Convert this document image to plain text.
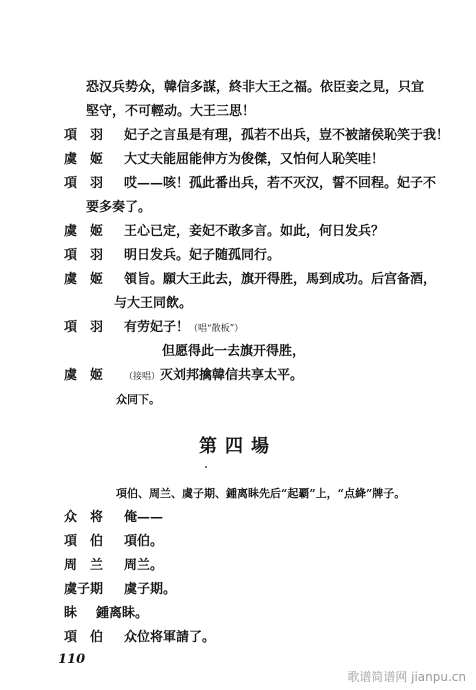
恐汉兵势众，韓信多謀，終非大王之福。依臣妾之見，只宜
堅守，不可輕动。大王三思！
項　羽 妃子之言虽是有理，孤若不出兵，豈不被諸侯恥笑于我！
虞　姬 大丈夫能屈能伸方为俊傑，又怕何人恥笑哇！
項　羽 哎——咳！孤此番出兵，若不灭汉，誓不回程。妃子不
要多奏了。
虞　姬 王心已定，妾妃不敢多言。如此，何日发兵？
項　羽 明日发兵。妃子随孤同行。
虞　姬 領旨。願大王此去，旗开得胜，馬到成功。后宫备酒，
与大王同飲。
項　羽 有劳妃子！（唱“散板”）
但愿得此一去旗开得胜，
虞　姬 （接唱）灭刘邦擒韓信共享太平。
众同下。
第四場
項伯、周兰、虞子期、鍾离眛先后“起覇”上，“点絳”牌子。
众　将 俺——
項　伯 項伯。
周　兰 周兰。
虞子期 虞子期。
眛 鍾离眛。
項　伯 众位将軍請了。
110
歌谱简谱网 jianpu.cn
